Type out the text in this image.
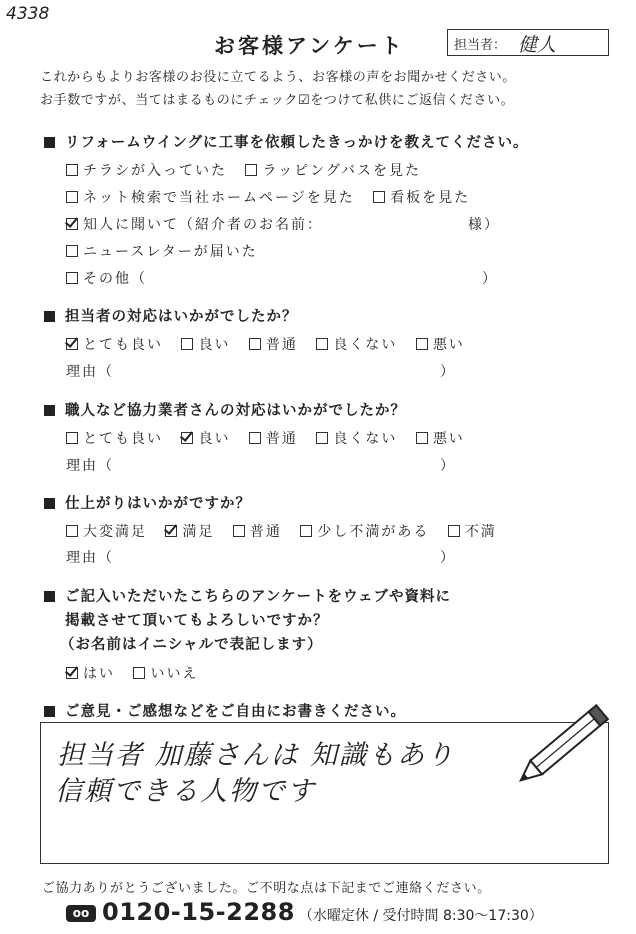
4338
お客様アンケート	担当者： 健人
これからもよりお客様のお役に立てるよう、お客様の声をお聞かせください。
お手数ですが、当てはまるものにチェック☑をつけて私供にご返信ください。
リフォームウイングに工事を依頼したきっかけを教えてください。
チラシが入っていた	ラッピングバスを見た
ネット検索で当社ホームページを見た	看板を見た
知人に聞いて（紹介者のお名前：	様）
ニュースレターが届いた
その他（	）
担当者の対応はいかがでしたか？
とても良い	良い	普通	良くない	悪い
理由（	）
職人など協力業者さんの対応はいかがでしたか？
とても良い	良い	普通	良くない	悪い
理由（	）
仕上がりはいかがですか？
大変満足	満足	普通	少し不満がある	不満
理由（	）
ご記入いただいたこちらのアンケートをウェブや資料に
掲載させて頂いてもよろしいですか？
（お名前はイニシャルで表記します）
はい	いいえ
ご意見・ご感想などをご自由にお書きください。
担当者 加藤さんは 知識もあり
信頼できる人物です
ご協力ありがとうございました。ご不明な点は下記までご連絡ください。
oo 0120-15-2288 （水曜定休 / 受付時間 8:30〜17:30）
